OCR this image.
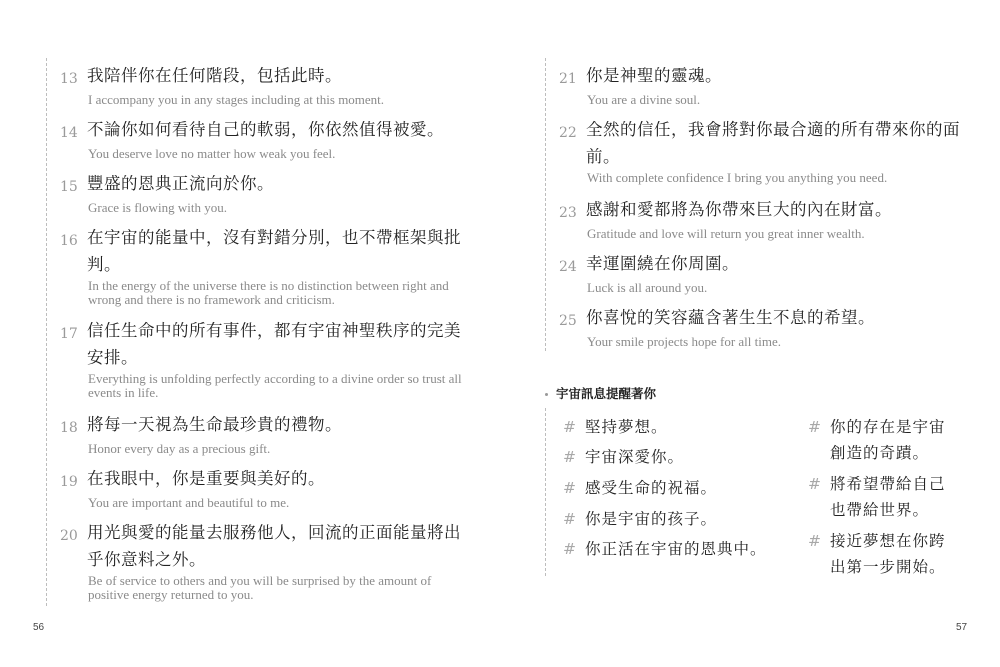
13 我陪伴你在任何階段，包括此時。
I accompany you in any stages including at this moment.
14 不論你如何看待自己的軟弱，你依然值得被愛。
You deserve love no matter how weak you feel.
15 豐盛的恩典正流向於你。
Grace is flowing with you.
16 在宇宙的能量中，沒有對錯分別，也不帶框架與批判。
In the energy of the universe there is no distinction between right and wrong and there is no framework and criticism.
17 信任生命中的所有事件，都有宇宙神聖秩序的完美安排。
Everything is unfolding perfectly according to a divine order so trust all events in life.
18 將每一天視為生命最珍貴的禮物。
Honor every day as a precious gift.
19 在我眼中，你是重要與美好的。
You are important and beautiful to me.
20 用光與愛的能量去服務他人，回流的正面能量將出乎你意料之外。
Be of service to others and you will be surprised by the amount of positive energy returned to you.
21 你是神聖的靈魂。
You are a divine soul.
22 全然的信任，我會將對你最合適的所有帶來你的面前。
With complete confidence I bring you anything you need.
23 感謝和愛都將為你帶來巨大的內在財富。
Gratitude and love will return you great inner wealth.
24 幸運圍繞在你周圍。
Luck is all around you.
25 你喜悅的笑容蘊含著生生不息的希望。
Your smile projects hope for all time.
宇宙訊息提醒著你
# 堅持夢想。
# 宇宙深愛你。
# 感受生命的祝福。
# 你是宇宙的孩子。
# 你正活在宇宙的恩典中。
# 你的存在是宇宙
創造的奇蹟。
# 將希望帶給自己
也帶給世界。
# 接近夢想在你跨
出第一步開始。
56	57
